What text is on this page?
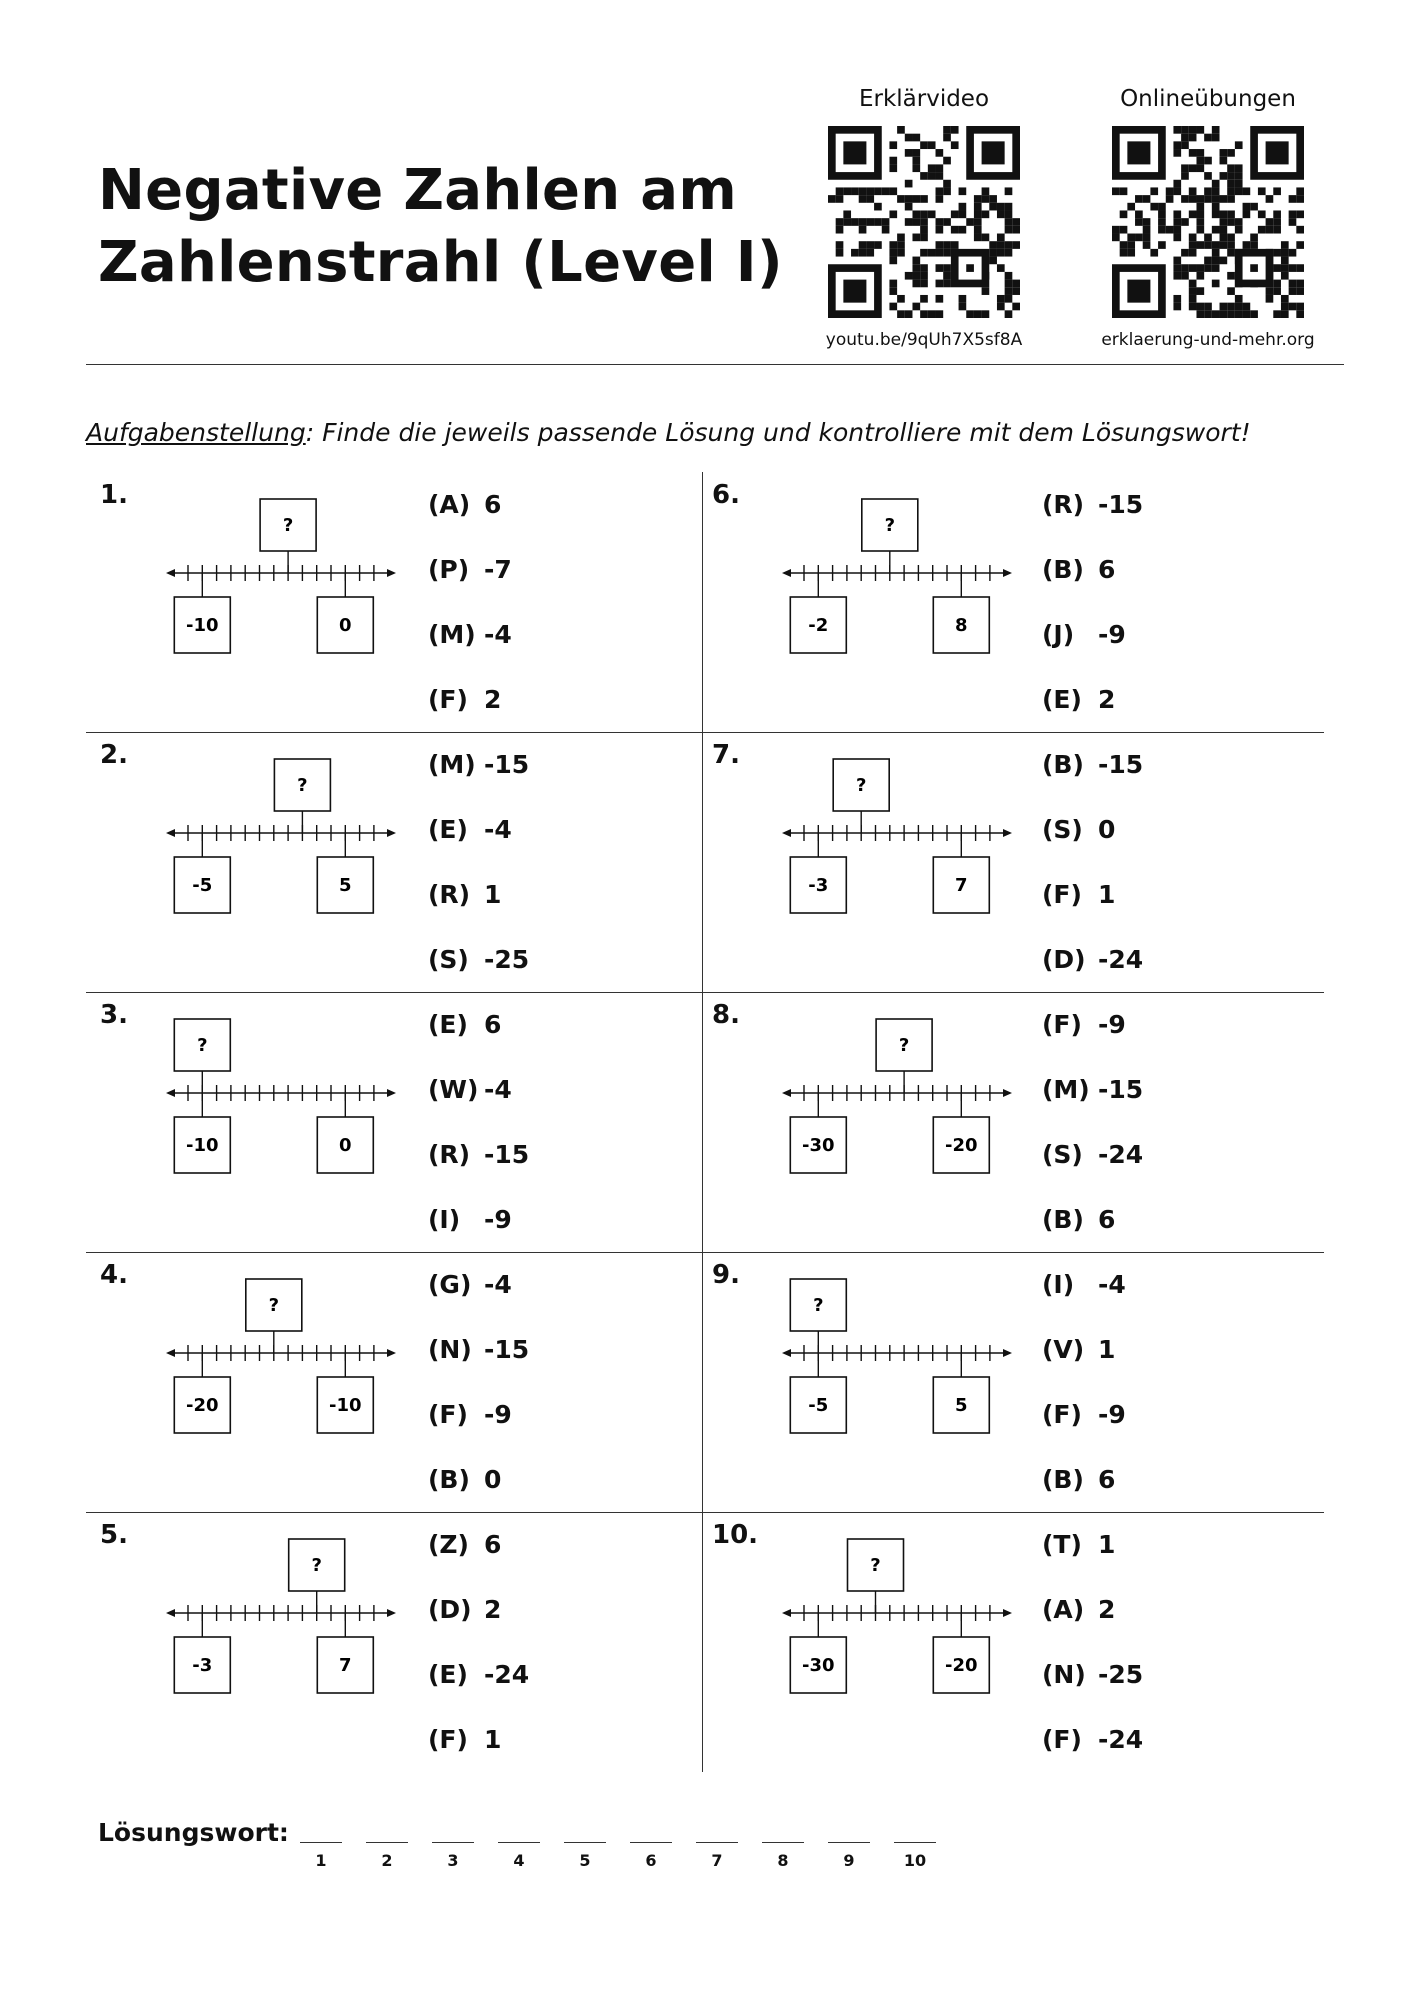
Negative Zahlen am
Zahlenstrahl (Level I)
Erklärvideo
youtu.be/9qUh7X5sf8A
Onlineübungen
erklaerung-und-mehr.org
Aufgabenstellung: Finde die jeweils passende Lösung und kontrolliere mit dem Lösungswort!
1.
-10	0
?
(A) 6
(P) -7
(M) -4
(F) 2
2.
-5	5
?
(M) -15
(E) -4
(R) 1
(S) -25
3.
-10	0
?
(E) 6
(W) -4
(R) -15
(I) -9
4.
-20	-10
?
(G) -4
(N) -15
(F) -9
(B) 0
5.
-3	7
?
(Z) 6
(D) 2
(E) -24
(F) 1
6.
-2	8
?
(R) -15
(B) 6
(J) -9
(E) 2
7.
-3	7
?
(B) -15
(S) 0
(F) 1
(D) -24
8.
-30	-20
?
(F) -9
(M) -15
(S) -24
(B) 6
9.
-5	5
?
(I) -4
(V) 1
(F) -9
(B) 6
10.
-30	-20
?
(T) 1
(A) 2
(N) -25
(F) -24
Lösungswort:
1	2	3	4	5	6	7	8	9	10
